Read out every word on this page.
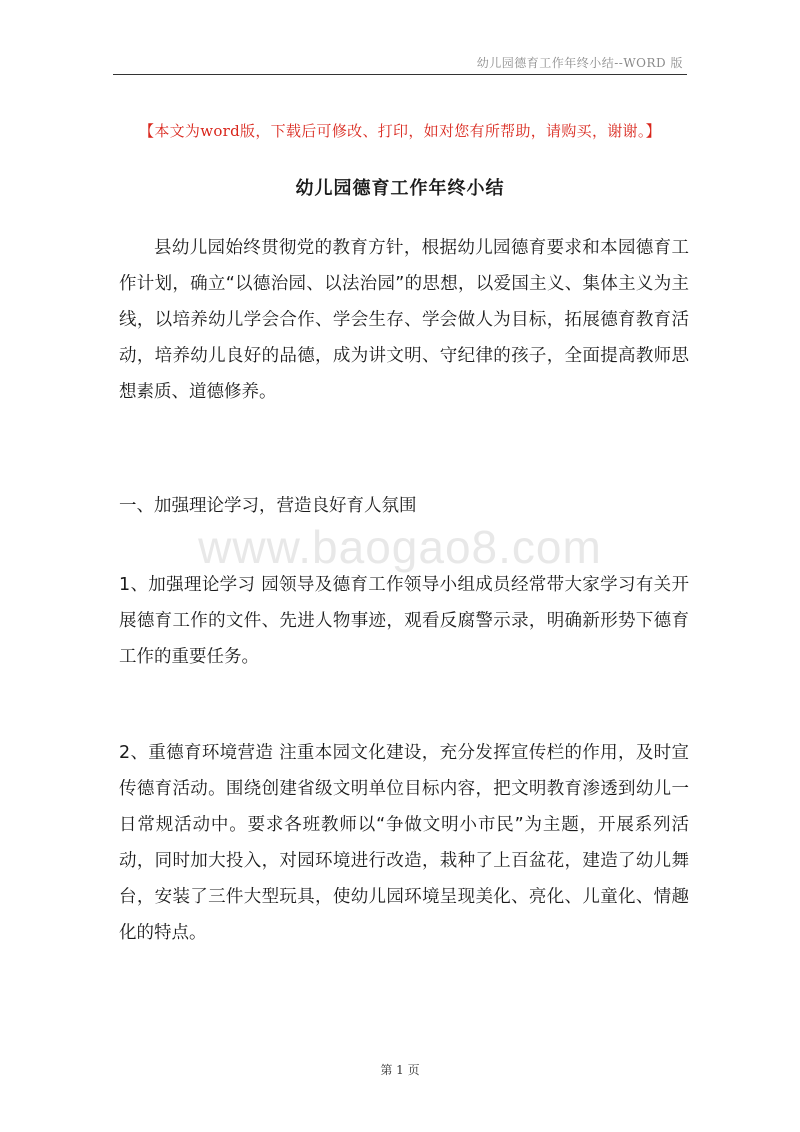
幼儿园德育工作年终小结--WORD 版
【本文为word版，下载后可修改、打印，如对您有所帮助，请购买，谢谢。】
幼儿园德育工作年终小结

县幼儿园始终贯彻党的教育方针，根据幼儿园德育要求和本园德育工作计划，确立“以德治园、以法治园”的思想，以爱国主义、集体主义为主线，以培养幼儿学会合作、学会生存、学会做人为目标，拓展德育教育活动，培养幼儿良好的品德，成为讲文明、守纪律的孩子，全面提高教师思想素质、道德修养。

一、加强理论学习，营造良好育人氛围

www.baogao8.com

1、加强理论学习 园领导及德育工作领导小组成员经常带大家学习有关开展德育工作的文件、先进人物事迹，观看反腐警示录，明确新形势下德育工作的重要任务。

2、重德育环境营造 注重本园文化建设，充分发挥宣传栏的作用，及时宣传德育活动。围绕创建省级文明单位目标内容，把文明教育渗透到幼儿一日常规活动中。要求各班教师以“争做文明小市民”为主题，开展系列活动，同时加大投入，对园环境进行改造，栽种了上百盆花，建造了幼儿舞台，安装了三件大型玩具，使幼儿园环境呈现美化、亮化、儿童化、情趣化的特点。

第 1 页
